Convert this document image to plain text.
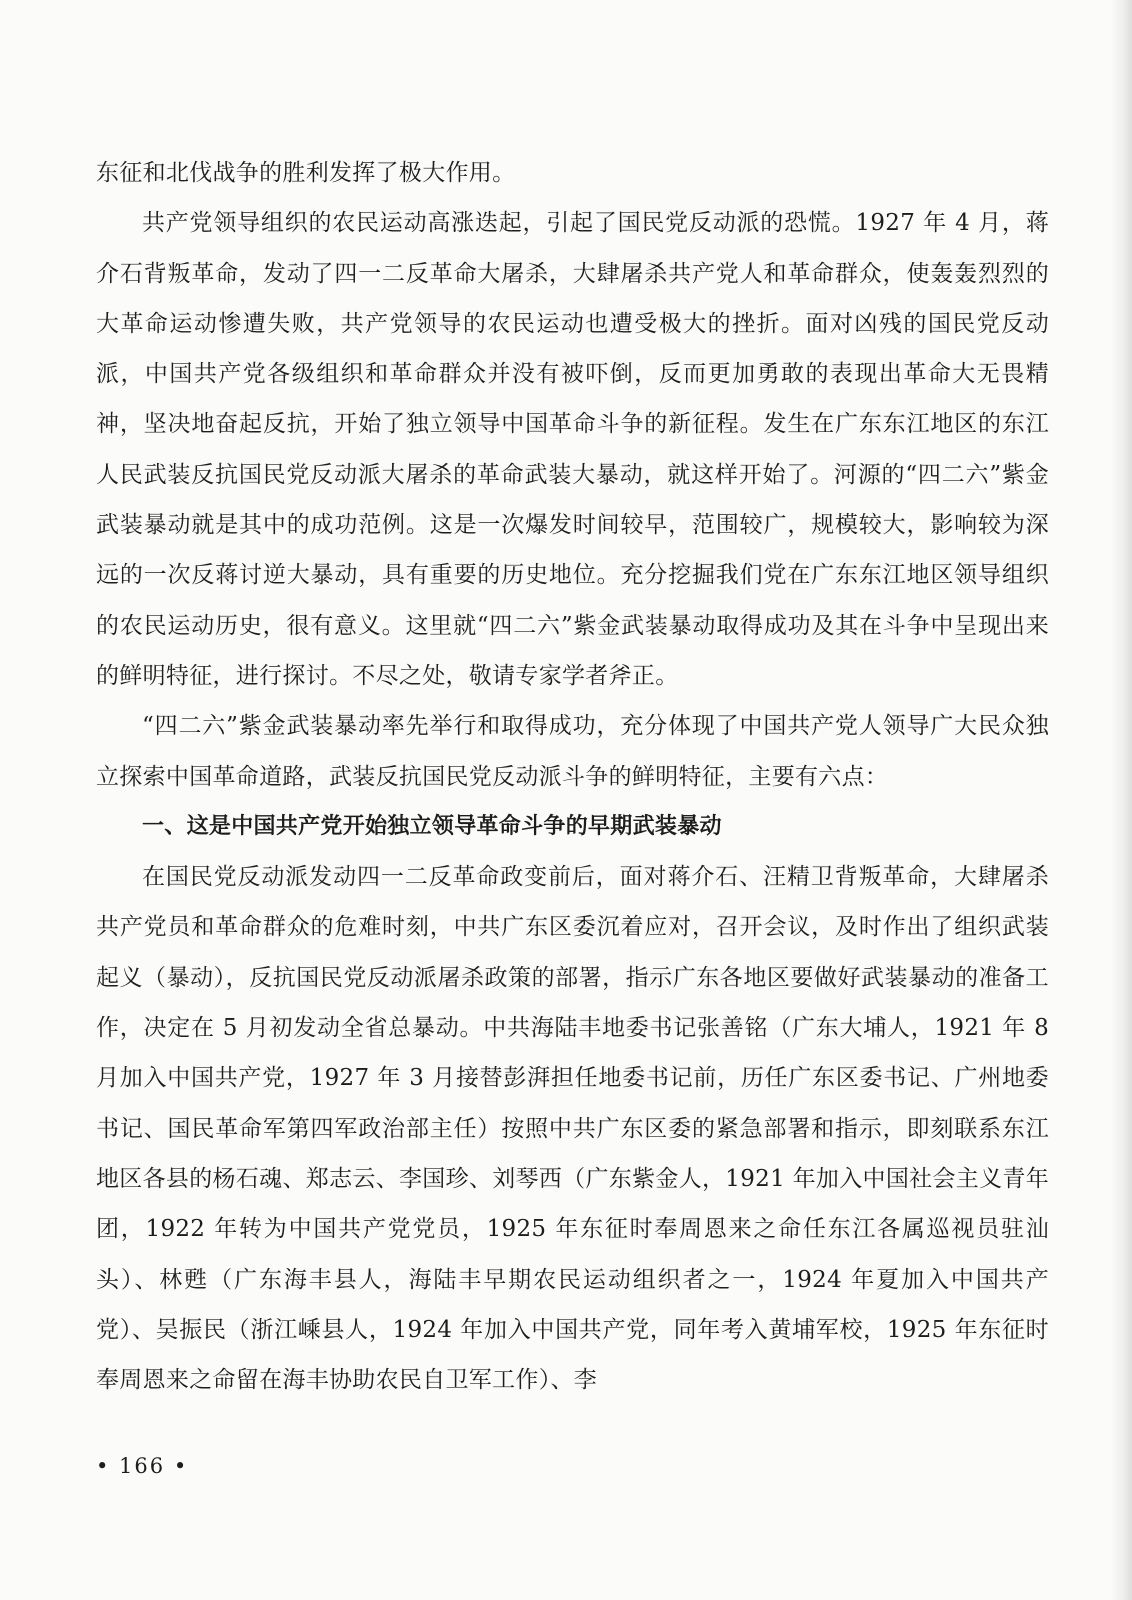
东征和北伐战争的胜利发挥了极大作用。

共产党领导组织的农民运动高涨迭起，引起了国民党反动派的恐慌。1927 年 4 月，蒋介石背叛革命，发动了四一二反革命大屠杀，大肆屠杀共产党人和革命群众，使轰轰烈烈的大革命运动惨遭失败，共产党领导的农民运动也遭受极大的挫折。面对凶残的国民党反动派，中国共产党各级组织和革命群众并没有被吓倒，反而更加勇敢的表现出革命大无畏精神，坚决地奋起反抗，开始了独立领导中国革命斗争的新征程。发生在广东东江地区的东江人民武装反抗国民党反动派大屠杀的革命武装大暴动，就这样开始了。河源的“四二六”紫金武装暴动就是其中的成功范例。这是一次爆发时间较早，范围较广，规模较大，影响较为深远的一次反蒋讨逆大暴动，具有重要的历史地位。充分挖掘我们党在广东东江地区领导组织的农民运动历史，很有意义。这里就“四二六”紫金武装暴动取得成功及其在斗争中呈现出来的鲜明特征，进行探讨。不尽之处，敬请专家学者斧正。

“四二六”紫金武装暴动率先举行和取得成功，充分体现了中国共产党人领导广大民众独立探索中国革命道路，武装反抗国民党反动派斗争的鲜明特征，主要有六点：

一、这是中国共产党开始独立领导革命斗争的早期武装暴动

在国民党反动派发动四一二反革命政变前后，面对蒋介石、汪精卫背叛革命，大肆屠杀共产党员和革命群众的危难时刻，中共广东区委沉着应对，召开会议，及时作出了组织武装起义（暴动），反抗国民党反动派屠杀政策的部署，指示广东各地区要做好武装暴动的准备工作，决定在 5 月初发动全省总暴动。中共海陆丰地委书记张善铭（广东大埔人，1921 年 8 月加入中国共产党，1927 年 3 月接替彭湃担任地委书记前，历任广东区委书记、广州地委书记、国民革命军第四军政治部主任）按照中共广东区委的紧急部署和指示，即刻联系东江地区各县的杨石魂、郑志云、李国珍、刘琴西（广东紫金人，1921 年加入中国社会主义青年团，1922 年转为中国共产党党员，1925 年东征时奉周恩来之命任东江各属巡视员驻汕头）、林甦（广东海丰县人，海陆丰早期农民运动组织者之一，1924 年夏加入中国共产党）、吴振民（浙江嵊县人，1924 年加入中国共产党，同年考入黄埔军校，1925 年东征时奉周恩来之命留在海丰协助农民自卫军工作）、李

• 166 •
